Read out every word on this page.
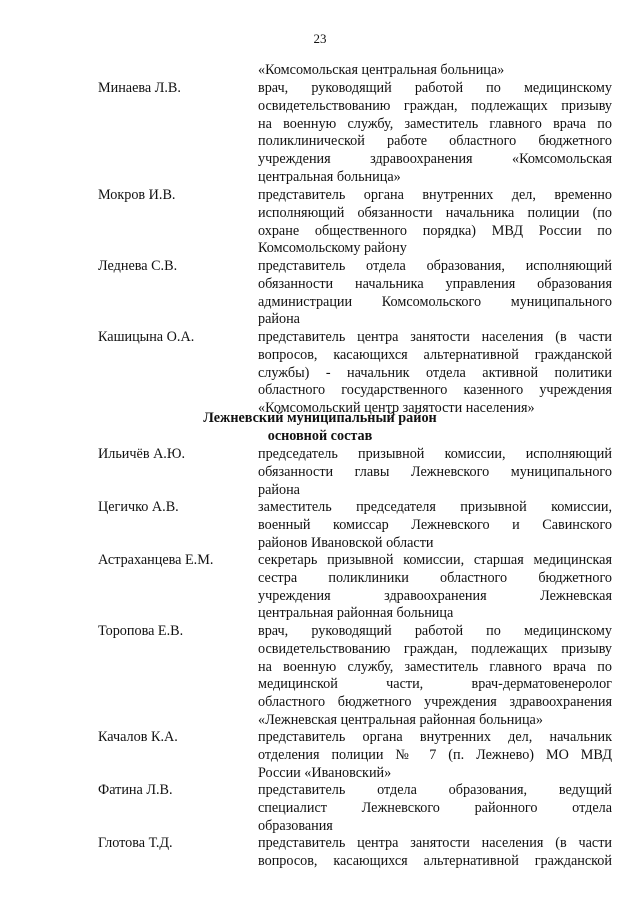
23
«Комсомольская центральная больница»
Минаева Л.В.	врач, руководящий работой по медицинскому
освидетельствованию граждан, подлежащих призыву
на военную службу, заместитель главного врача по
поликлинической работе областного бюджетного
учреждения здравоохранения «Комсомольская
центральная больница»
Мокров И.В.	представитель органа внутренних дел, временно
исполняющий обязанности начальника полиции (по
охране общественного порядка) МВД России по
Комсомольскому району
Леднева С.В.	представитель отдела образования, исполняющий
обязанности начальника управления образования
администрации Комсомольского муниципального
района
Кашицына О.А.	представитель центра занятости населения (в части
вопросов, касающихся альтернативной гражданской
службы) - начальник отдела активной политики
областного государственного казенного учреждения
«Комсомольский центр занятости населения»
Лежневский муниципальный район
основной состав
Ильичёв А.Ю.	председатель призывной комиссии, исполняющий
обязанности главы Лежневского муниципального
района
Цегичко А.В.	заместитель председателя призывной комиссии,
военный комиссар Лежневского и Савинского
районов Ивановской области
Астраханцева Е.М.	секретарь призывной комиссии, старшая медицинская
сестра поликлиники областного бюджетного
учреждения здравоохранения Лежневская
центральная районная больница
Торопова Е.В.	врач, руководящий работой по медицинскому
освидетельствованию граждан, подлежащих призыву
на военную службу, заместитель главного врача по
медицинской части, врач-дерматовенеролог
областного бюджетного учреждения здравоохранения
«Лежневская центральная районная больница»
Качалов К.А.	представитель органа внутренних дел, начальник
отделения полиции № 7 (п. Лежнево) МО МВД
России «Ивановский»
Фатина Л.В.	представитель отдела образования, ведущий
специалист Лежневского районного отдела
образования
Глотова Т.Д.	представитель центра занятости населения (в части
вопросов, касающихся альтернативной гражданской
